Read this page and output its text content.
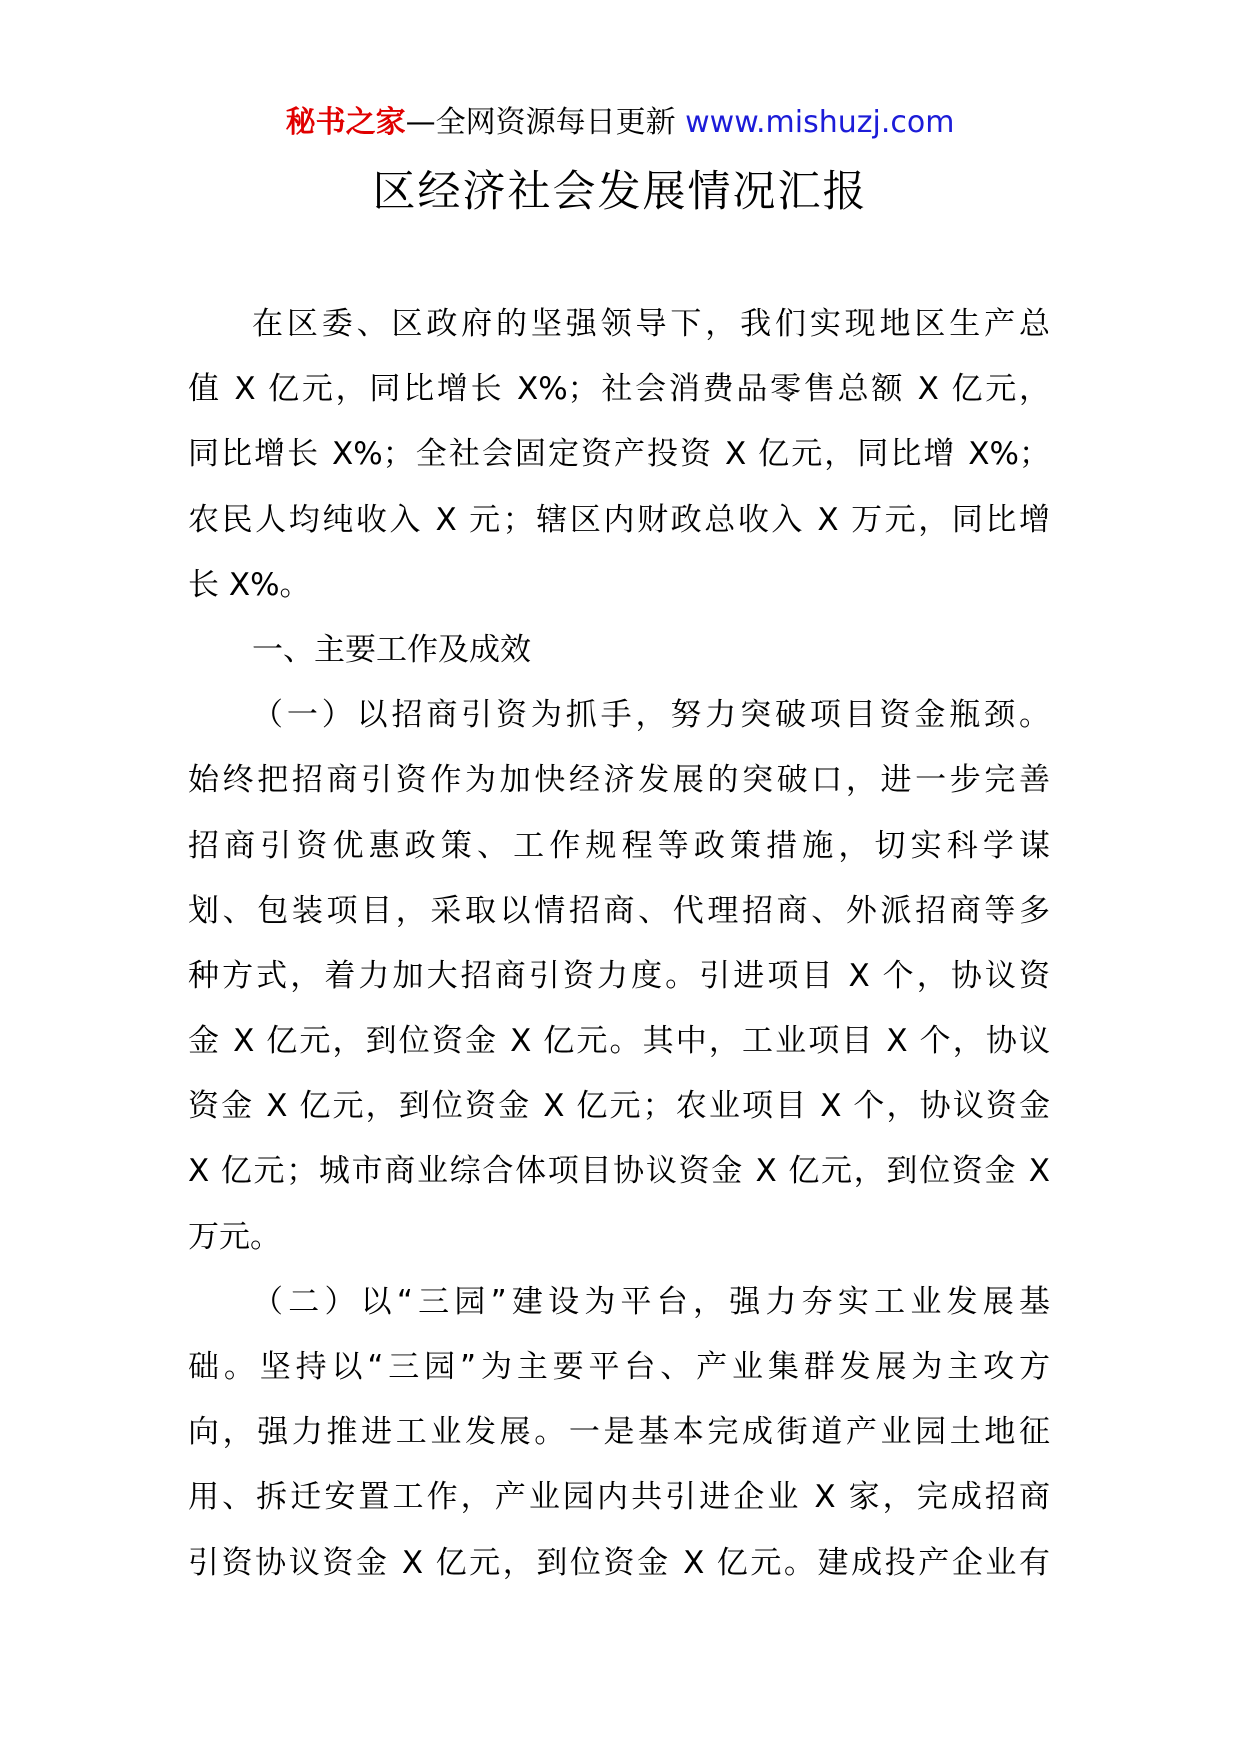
秘书之家—全网资源每日更新 www.mishuzj.com
区经济社会发展情况汇报
在区委、区政府的坚强领导下，我们实现地区生产总
值 X 亿元，同比增长 X%；社会消费品零售总额 X 亿元，
同比增长 X%；全社会固定资产投资 X 亿元，同比增 X%；
农民人均纯收入 X 元；辖区内财政总收入 X 万元，同比增
长 X%。
一、主要工作及成效
（一）以招商引资为抓手，努力突破项目资金瓶颈。
始终把招商引资作为加快经济发展的突破口，进一步完善
招商引资优惠政策、工作规程等政策措施，切实科学谋
划、包装项目，采取以情招商、代理招商、外派招商等多
种方式，着力加大招商引资力度。引进项目 X 个，协议资
金 X 亿元，到位资金 X 亿元。其中，工业项目 X 个，协议
资金 X 亿元，到位资金 X 亿元；农业项目 X 个，协议资金
X 亿元；城市商业综合体项目协议资金 X 亿元，到位资金 X
万元。
（二）以“三园”建设为平台，强力夯实工业发展基
础。坚持以“三园”为主要平台、产业集群发展为主攻方
向，强力推进工业发展。一是基本完成街道产业园土地征
用、拆迁安置工作，产业园内共引进企业 X 家，完成招商
引资协议资金 X 亿元，到位资金 X 亿元。建成投产企业有
